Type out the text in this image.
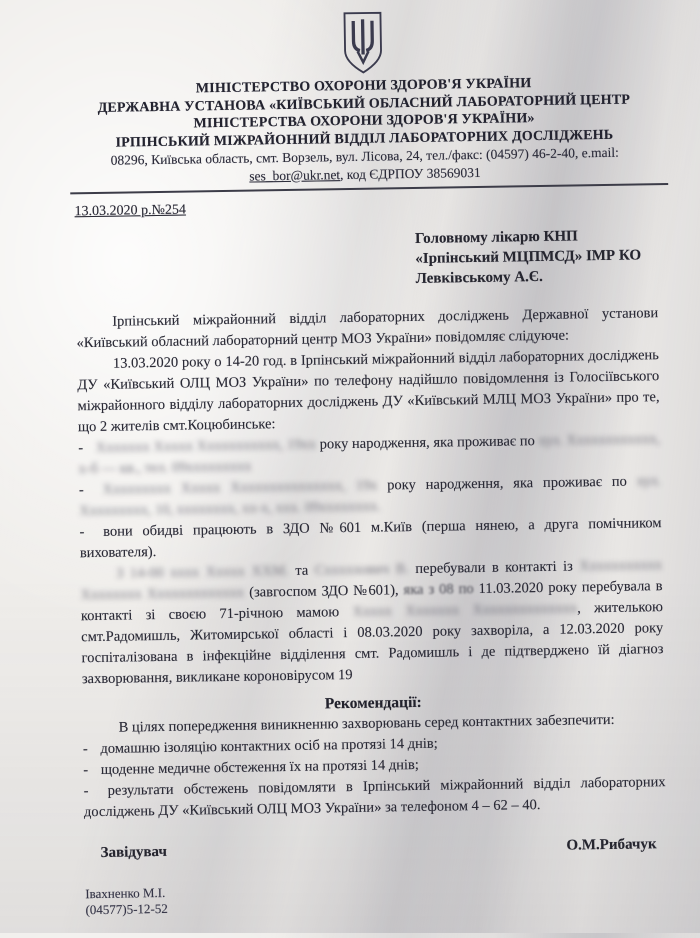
МІНІСТЕРСТВО ОХОРОНИ ЗДОРОВ'Я УКРАЇНИ
ДЕРЖАВНА УСТАНОВА «КИЇВСЬКИЙ ОБЛАСНИЙ ЛАБОРАТОРНИЙ ЦЕНТР
МІНІСТЕРСТВА ОХОРОНИ ЗДОРОВ'Я УКРАЇНИ»
ІРПІНСЬКИЙ МІЖРАЙОННИЙ ВІДДІЛ ЛАБОРАТОРНИХ ДОСЛІДЖЕНЬ
08296, Київська область, смт. Ворзель, вул. Лісова, 24, тел./факс: (04597) 46-2-40, e.mail:
ses_bor@ukr.net, код ЄДРПОУ 38569031
13.03.2020 р.№254
Головному лікарю КНП
«Ірпінський МЦПМСД» ІМР КО
Левківському А.Є.

Ірпінський міжрайонний відділ лабораторних досліджень Державної установи «Київський обласний лабораторний центр МОЗ України» повідомляє слідуюче:

13.03.2020 року о 14-20 год. в Ірпінський міжрайонний відділ лабораторних досліджень ДУ «Київський ОЛЦ МОЗ України» по телефону надійшло повідомлення із Голосіївського міжрайонного відділу лабораторних досліджень ДУ «Київський МЛЦ МОЗ України» про те, що 2 жителів смт.Коцюбинське:

- Ххххххх Ххххх Ххххххххххх, 19хх року народження, яка проживає по хул. Хххххххххххх, х-б — кв., тел. 09ххххххххх

- Ххххххххх Ххххх Ххххххххххххххх, 19х року народження, яка проживає по хул. Ххххххххх, 10, хххххххх, хх-х, ххх. 09хххххххх.

- вони обидві працюють в ЗДО №601 м.Київ (перша нянею, а друга помічником вихователя).

З 14-00 хххх Ххххх ХХМ. та Схххххович В. перебували в контакті із Ххххххххххх Хххххххх Ххххххххххххх (завгоспом ЗДО №601), яка з 08 по 11.03.2020 року перебувала в контакті зі своєю 71-річною мамою Ххххх Ххххххх Хххххххххххххх, жителькою смт.Радомишль, Житомирської області і 08.03.2020 року захворіла, а 12.03.2020 року госпіталізована в інфекційне відділення смт. Радомишль і де підтверджено їй діагноз захворювання, викликане короновірусом 19

Рекомендації:

В цілях попередження виникненню захворювань серед контактних забезпечити:

- домашню ізоляцію контактних осіб на протязі 14 днів;

- щоденне медичне обстеження їх на протязі 14 днів;

- результати обстежень повідомляти в Ірпінський міжрайонний відділ лабораторних досліджень ДУ «Київський ОЛЦ МОЗ України» за телефоном 4 – 62 – 40.

Завідувач	О.М.Рибачук
Івахненко М.І.
(04577)5-12-52
